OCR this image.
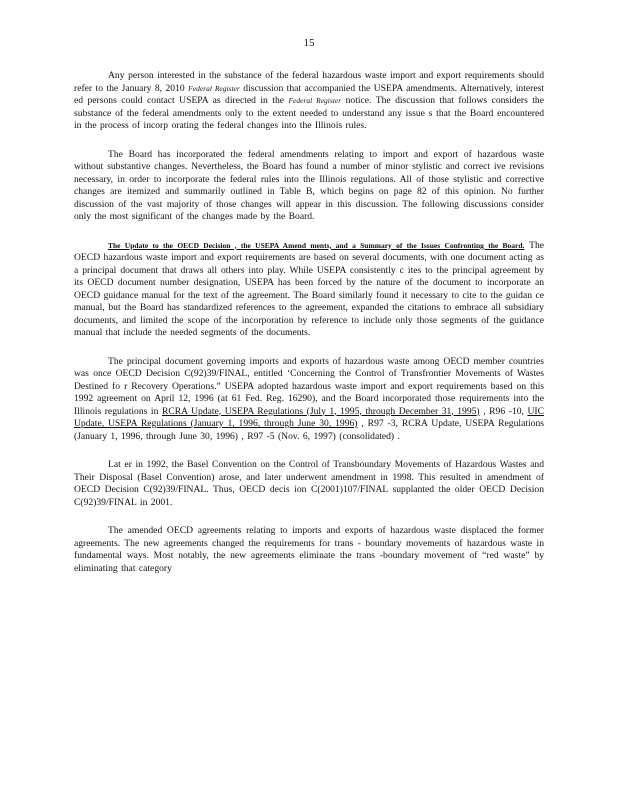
15

Any person interested in the substance of the federal hazardous waste import and export requirements should refer to the January 8, 2010 Federal Register discussion that accompanied the USEPA amendments. Alternatively, interest ed persons could contact USEPA as directed in the Federal Register notice. The discussion that follows considers the substance of the federal amendments only to the extent needed to understand any issue s that the Board encountered in the process of incorp orating the federal changes into the Illinois rules.

The Board has incorporated the federal amendments relating to import and export of hazardous waste without substantive changes. Nevertheless, the Board has found a number of minor stylistic and correct ive revisions necessary, in order to incorporate the federal rules into the Illinois regulations. All of those stylistic and corrective changes are itemized and summarily outlined in Table B, which begins on page 82 of this opinion. No further discussion of the vast majority of those changes will appear in this discussion. The following discussions consider only the most significant of the changes made by the Board.

The Update to the OECD Decision , the USEPA Amend ments, and a Summary of the Issues Confronting the Board. The OECD hazardous waste import and export requirements are based on several documents, with one document acting as a principal document that draws all others into play. While USEPA consistently c ites to the principal agreement by its OECD document number designation, USEPA has been forced by the nature of the document to incorporate an OECD guidance manual for the text of the agreement. The Board similarly found it necessary to cite to the guidan ce manual, but the Board has standardized references to the agreement, expanded the citations to embrace all subsidiary documents, and limited the scope of the incorporation by reference to include only those segments of the guidance manual that include the needed segments of the documents.

The principal document governing imports and exports of hazardous waste among OECD member countries was once OECD Decision C(92)39/FINAL, entitled ‘Concerning the Control of Transfrontier Movements of Wastes Destined fo r Recovery Operations.” USEPA adopted hazardous waste import and export requirements based on this 1992 agreement on April 12, 1996 (at 61 Fed. Reg. 16290), and the Board incorporated those requirements into the Illinois regulations in RCRA Update, USEPA Regulations (July 1, 1995, through December 31, 1995) , R96 -10, UIC Update, USEPA Regulations (January 1, 1996, through June 30, 1996) , R97 -3, RCRA Update, USEPA Regulations (January 1, 1996, through June 30, 1996) , R97 -5 (Nov. 6, 1997) (consolidated) .

Lat er in 1992, the Basel Convention on the Control of Transboundary Movements of Hazardous Wastes and Their Disposal (Basel Convention) arose, and later underwent amendment in 1998. This resulted in amendment of OECD Decision C(92)39/FINAL. Thus, OECD decis ion C(2001)107/FINAL supplanted the older OECD Decision C(92)39/FINAL in 2001.

The amended OECD agreements relating to imports and exports of hazardous waste displaced the former agreements. The new agreements changed the requirements for trans - boundary movements of hazardous waste in fundamental ways. Most notably, the new agreements eliminate the trans -boundary movement of “red waste” by eliminating that category
